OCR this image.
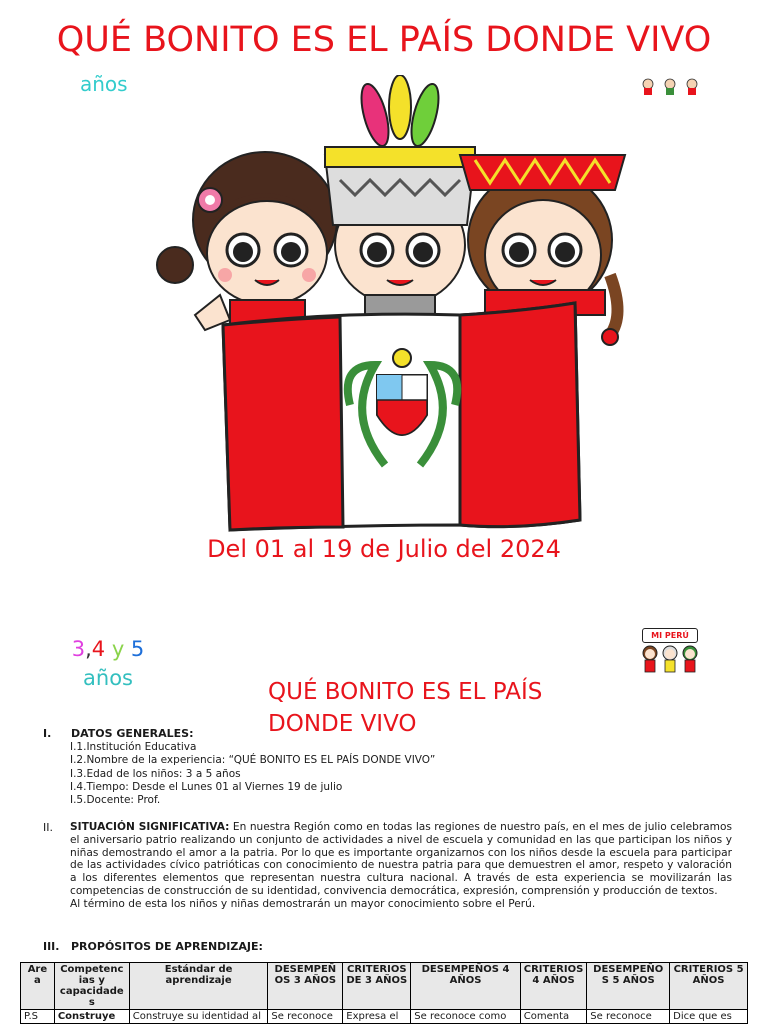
QUÉ BONITO ES EL PAÍS DONDE VIVO
años
Del 01 al 19 de Julio del 2024
3,4 y 5
años
MI PERÚ
QUÉ BONITO ES EL PAÍS
DONDE VIVO
I. DATOS GENERALES:
I.1.Institución Educativa
I.2.Nombre de la experiencia: “QUÉ BONITO ES EL PAÍS DONDE VIVO”
I.3.Edad de los niños: 3 a 5 años
I.4.Tiempo: Desde el Lunes 01 al Viernes 19 de julio
I.5.Docente: Prof.
II.	SITUACIÓN SIGNIFICATIVA: En nuestra Región como en todas las regiones de nuestro país, en el mes de julio celebramos el aniversario patrio realizando un conjunto de actividades a nivel de escuela y comunidad en las que participan los niños y niñas demostrando el amor a la patria. Por lo que es importante organizarnos con los niños desde la escuela para participar de las actividades cívico patrióticas con conocimiento de nuestra patria para que demuestren el amor, respeto y valoración a los diferentes elementos que representan nuestra cultura nacional. A través de esta experiencia se movilizarán las competencias de construcción de su identidad, convivencia democrática, expresión, comprensión y producción de textos.
Al término de esta los niños y niñas demostrarán un mayor conocimiento sobre el Perú.
III. PROPÓSITOS DE APRENDIZAJE:
Are a	Competenc ias y capacidade s	Estándar de aprendizaje	DESEMPEÑ OS 3 AÑOS	CRITERIOS DE 3 AÑOS	DESEMPEÑOS 4 AÑOS	CRITERIOS 4 AÑOS	DESEMPEÑO S 5 AÑOS	CRITERIOS 5 AÑOS
P.S	Construye	Construye su identidad al	Se reconoce	Expresa el	Se reconoce como	Comenta	Se reconoce	Dice que es
